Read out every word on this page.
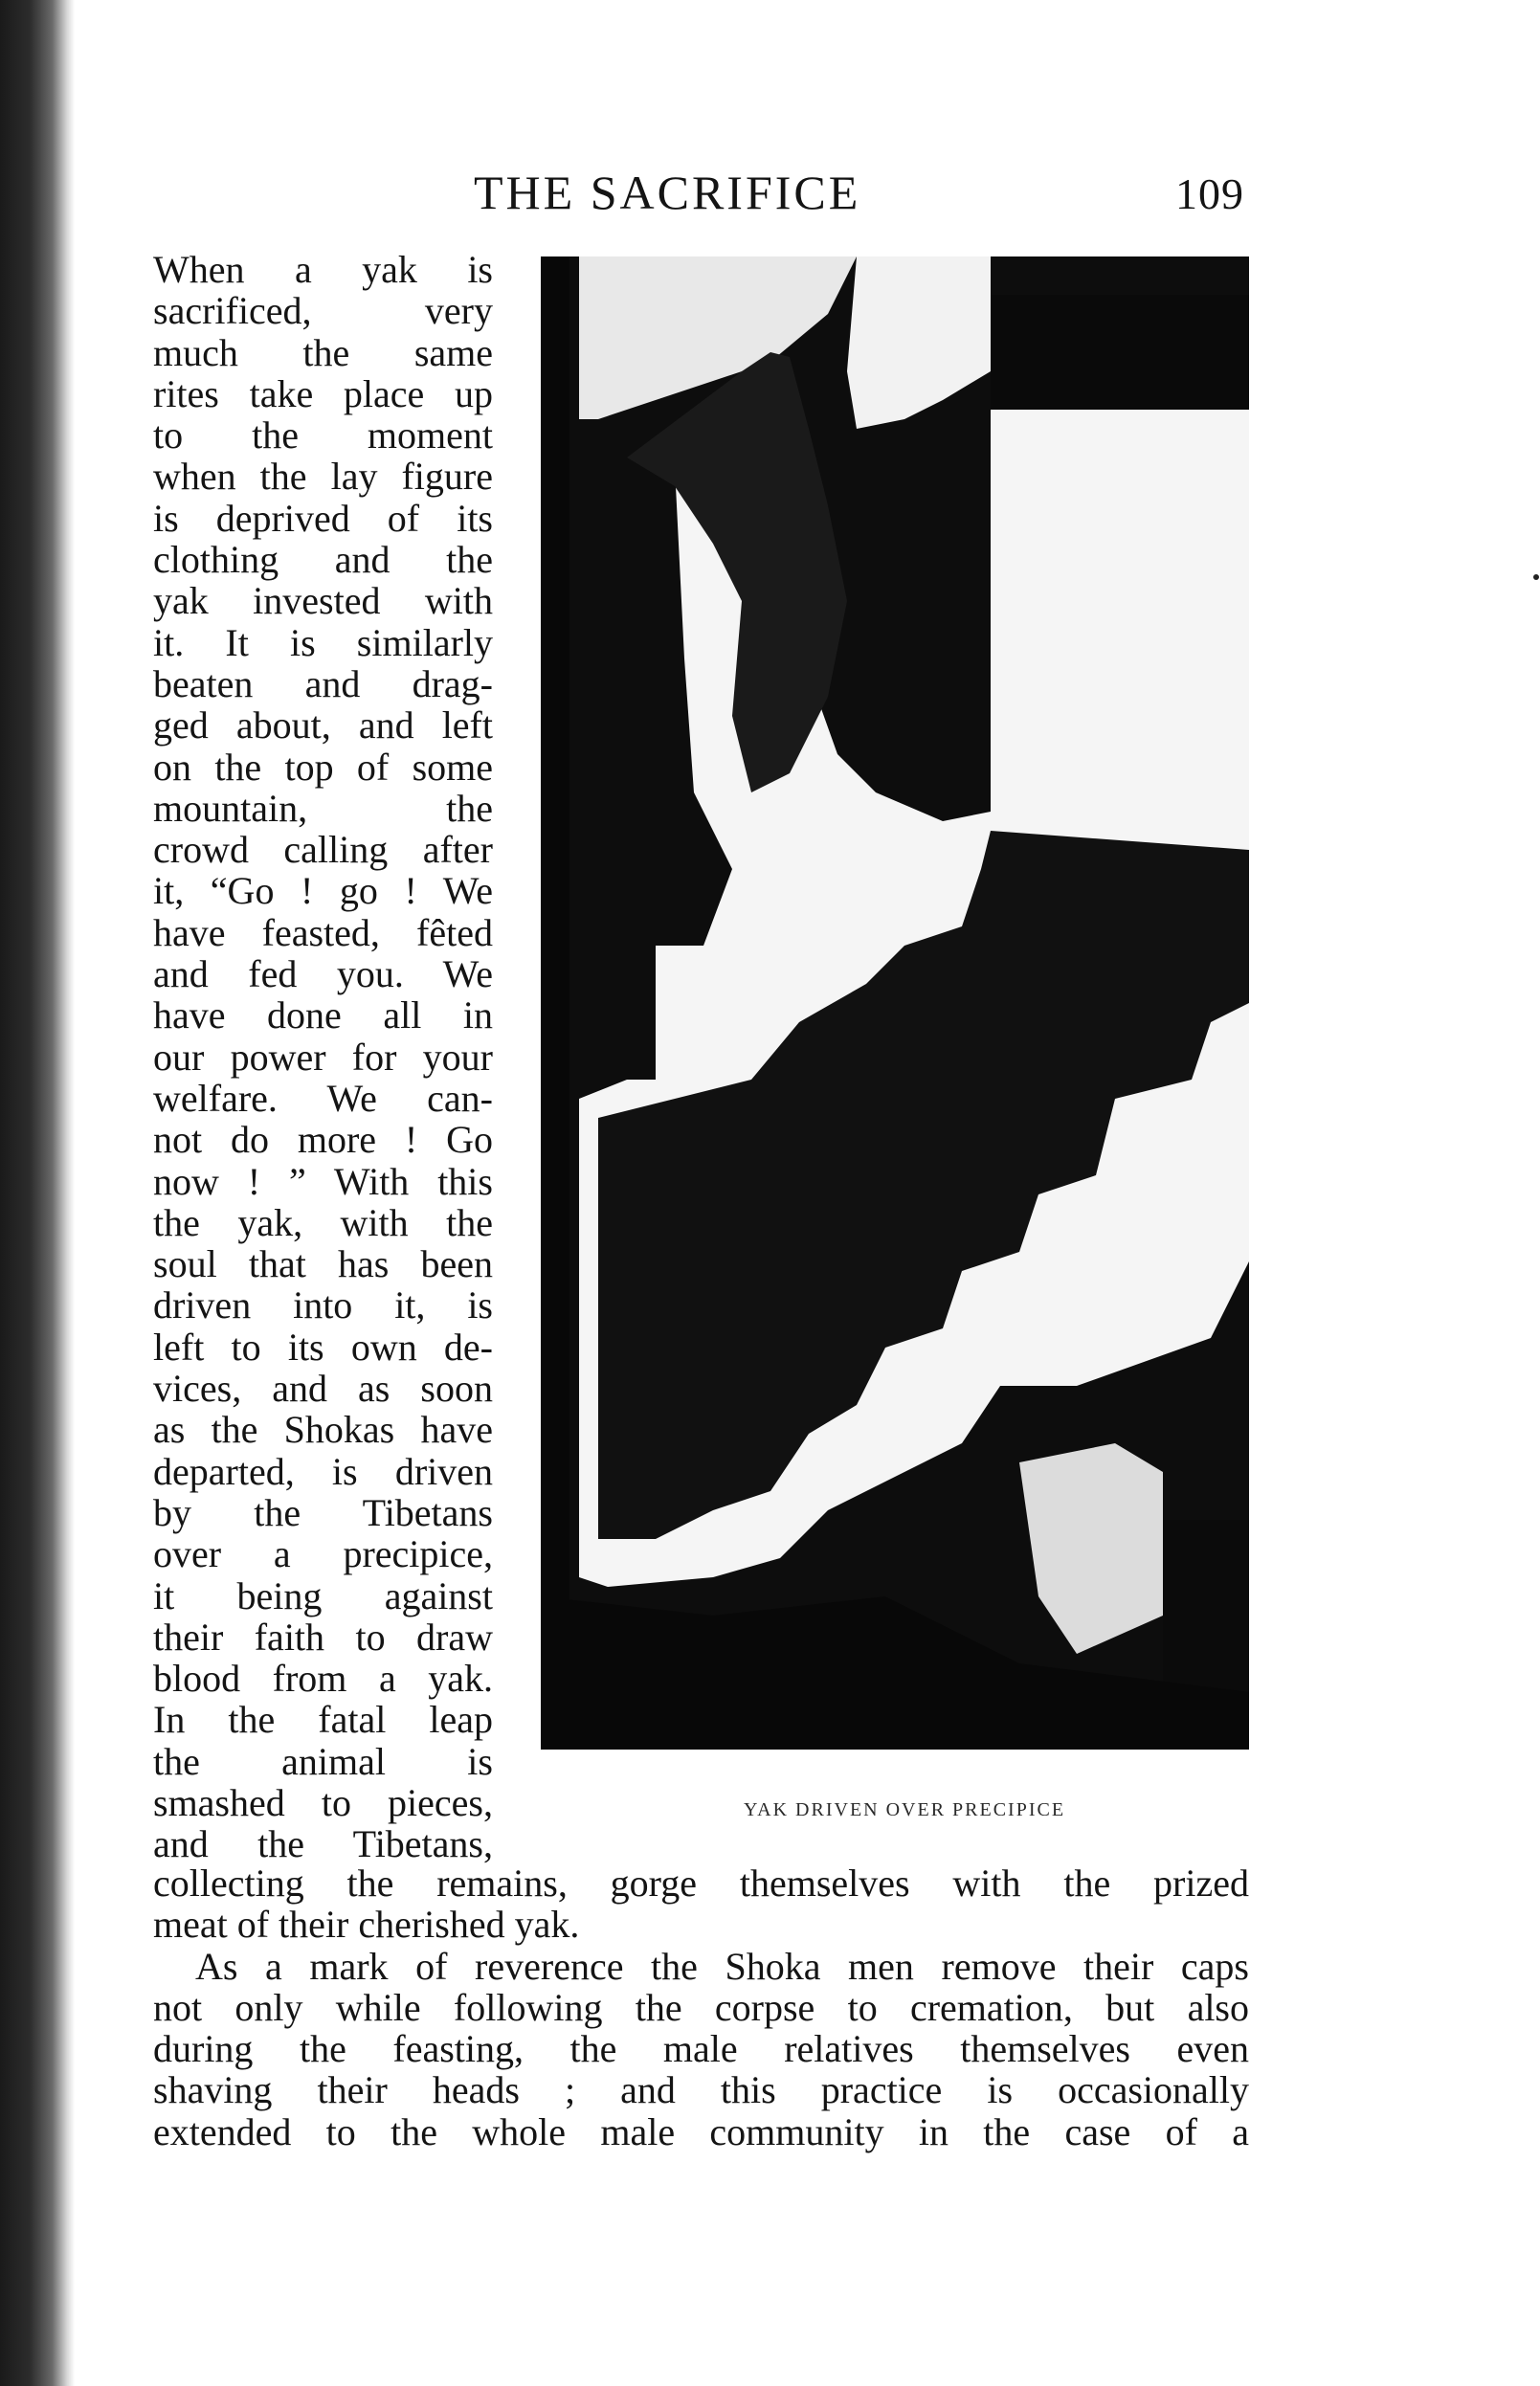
THE SACRIFICE	109
When a yak is
sacrificed, very
much the same
rites take place up
to the moment
when the lay figure
is deprived of its
clothing and the
yak invested with
it. It is similarly
beaten and drag-
ged about, and left
on the top of some
mountain, the
crowd calling after
it, “Go ! go ! We
have feasted, fêted
and fed you. We
have done all in
our power for your
welfare. We can-
not do more ! Go
now ! ” With this
the yak, with the
soul that has been
driven into it, is
left to its own de-
vices, and as soon
as the Shokas have
departed, is driven
by the Tibetans
over a precipice,
it being against
their faith to draw
blood from a yak.
In the fatal leap
the animal is
smashed to pieces,
and the Tibetans,
YAK DRIVEN OVER PRECIPICE
collecting the remains, gorge themselves with the prized
meat of their cherished yak.
As a mark of reverence the Shoka men remove their caps
not only while following the corpse to cremation, but also
during the feasting, the male relatives themselves even
shaving their heads ; and this practice is occasionally
extended to the whole male community in the case of a
